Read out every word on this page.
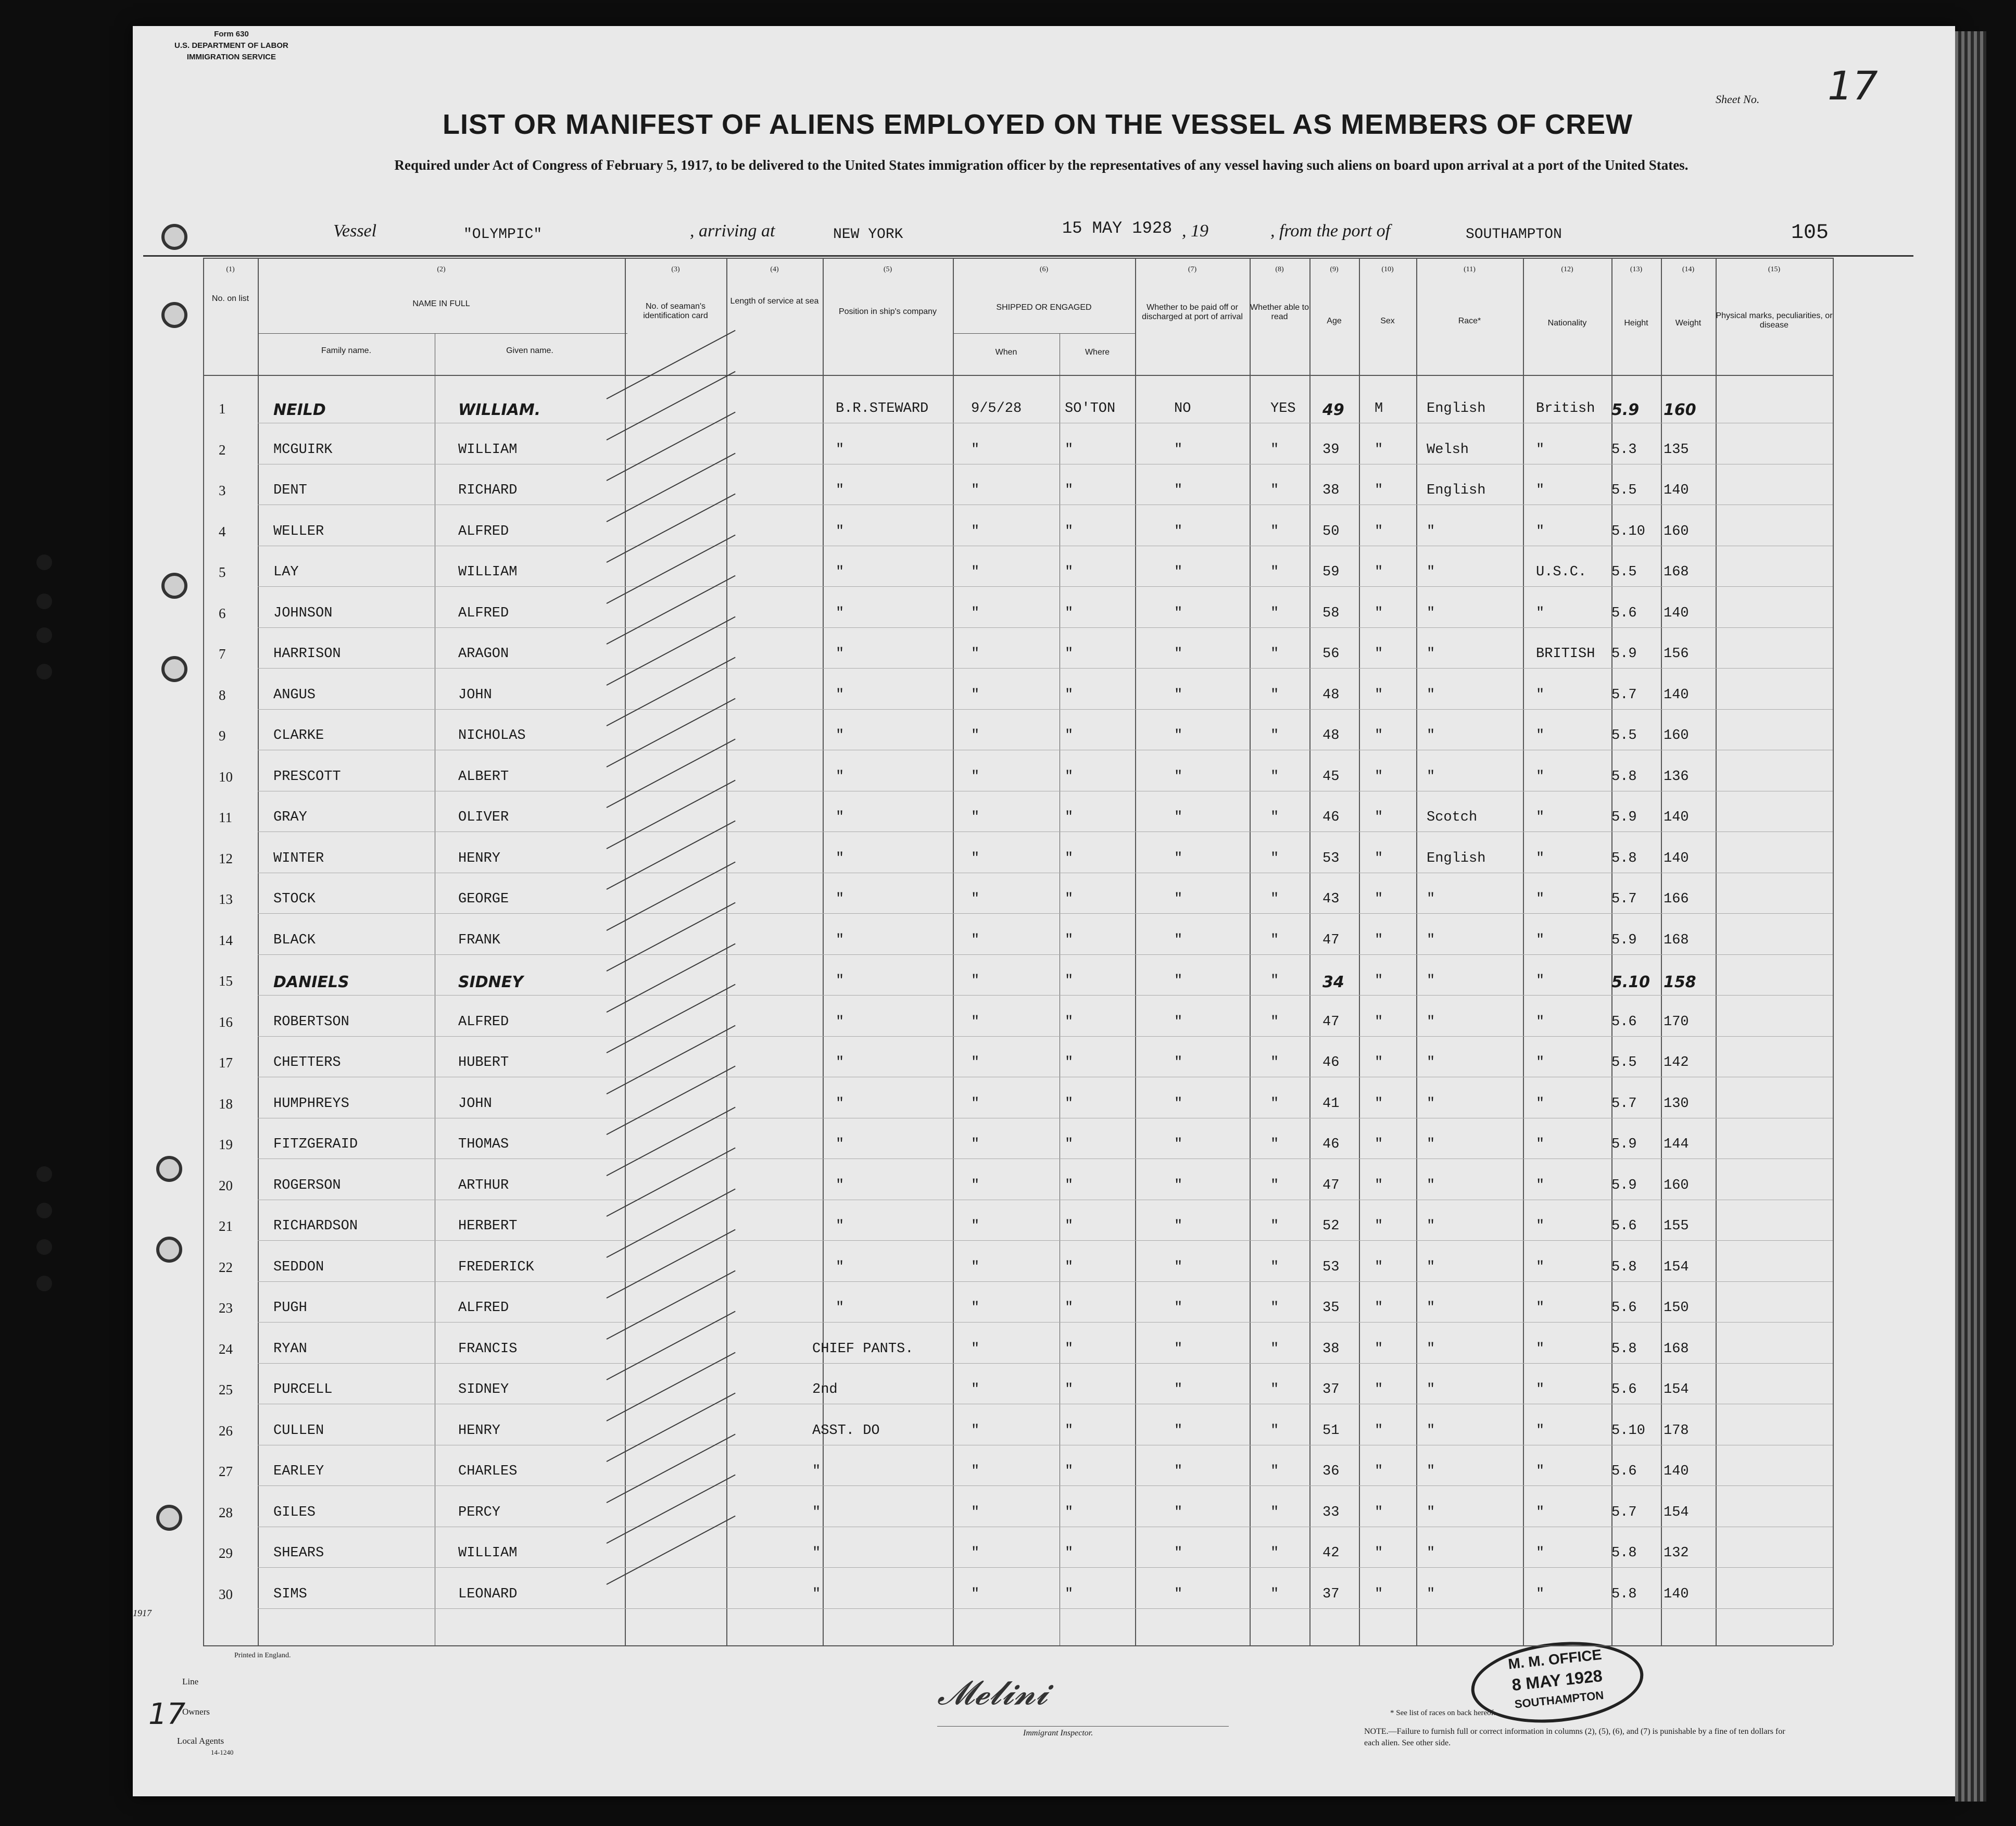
Form 630
U.S. DEPARTMENT OF LABOR
IMMIGRATION SERVICE
Sheet No. 17
LIST OR MANIFEST OF ALIENS EMPLOYED ON THE VESSEL AS MEMBERS OF CREW
Required under Act of Congress of February 5, 1917, to be delivered to the United States immigration officer by the representatives of any vessel having such aliens on board upon arrival at a port of the United States.
Vessel	"OLYMPIC"	, arriving at	NEW YORK	15 MAY 1928 , 19	, from the port of	SOUTHAMPTON	105
Printed in England.
Line
Owners
Local Agents
14-1240
17
1917
𝓜𝓮𝓵𝓲𝓷𝓲
Immigrant Inspector.
* See list of races on back hereof.
NOTE.—Failure to furnish full or correct information in columns (2), (5), (6), and (7) is punishable by a fine of ten dollars for each alien. See other side.
M. M. OFFICE
8 MAY 1928
SOUTHAMPTON
(1)	(2)	(3)	(4)	(5)	(6)	(7)	(8)	(9)	(10)	(11)	(12)	(13)	(14)	(15)
No. on list
NAME IN FULL
Family name.	Given name.
No. of seaman's identification card
Length of service at sea
Position in ship's company	SHIPPED OR ENGAGED
When	Where
Whether to be paid off or discharged at port of arrival
Whether able to read	Age	Sex	Race*	Nationality	Height	Weight
Physical marks, peculiarities, or disease
1	NEILD	WILLIAM.	B.R.STEWARD	9/5/28	SO'TON	NO	YES 49 M	English	British 5.9 160
2	MCGUIRK	WILLIAM	"	"	"	"	"	39	"	Welsh	"	5.3 135
3	DENT	RICHARD	"	"	"	"	"	38	"	English	"	5.5 140
4	WELLER	ALFRED	"	"	"	"	"	50	"	"	"	5.10 160
5	LAY	WILLIAM	"	"	"	"	"	59	"	"	U.S.C. 5.5 168
6	JOHNSON	ALFRED	"	"	"	"	"	58	"	"	"	5.6 140
7	HARRISON	ARAGON	"	"	"	"	"	56	"	"	BRITISH 5.9 156
8	ANGUS	JOHN	"	"	"	"	"	48	"	"	"	5.7 140
9	CLARKE	NICHOLAS	"	"	"	"	"	48	"	"	"	5.5 160
10	PRESCOTT	ALBERT	"	"	"	"	"	45	"	"	"	5.8 136
11	GRAY	OLIVER	"	"	"	"	"	46	"	Scotch	"	5.9 140
12	WINTER	HENRY	"	"	"	"	"	53	"	English	"	5.8 140
13	STOCK	GEORGE	"	"	"	"	"	43	"	"	"	5.7 166
14	BLACK	FRANK	"	"	"	"	"	47	"	"	"	5.9 168
15	DANIELS	SIDNEY	"	"	"	"	"	34 "	"	"	5.10 158
16	ROBERTSON	ALFRED	"	"	"	"	"	47	"	"	"	5.6 170
17	CHETTERS	HUBERT	"	"	"	"	"	46	"	"	"	5.5 142
18	HUMPHREYS	JOHN	"	"	"	"	"	41	"	"	"	5.7 130
19	FITZGERAID	THOMAS	"	"	"	"	"	46	"	"	"	5.9 144
20	ROGERSON	ARTHUR	"	"	"	"	"	47	"	"	"	5.9 160
21	RICHARDSON	HERBERT	"	"	"	"	"	52	"	"	"	5.6 155
22	SEDDON	FREDERICK	"	"	"	"	"	53	"	"	"	5.8 154
23	PUGH	ALFRED	"	"	"	"	"	35	"	"	"	5.6 150
24	RYAN	FRANCIS	CHIEF PANTS.	"	"	"	"	38	"	"	"	5.8 168
25	PURCELL	SIDNEY	2nd	"	"	"	"	37	"	"	"	5.6 154
26	CULLEN	HENRY	ASST. DO	"	"	"	"	51	"	"	"	5.10 178
27	EARLEY	CHARLES	"	"	"	"	"	36	"	"	"	5.6 140
28	GILES	PERCY	"	"	"	"	"	33	"	"	"	5.7 154
29	SHEARS	WILLIAM	"	"	"	"	"	42	"	"	"	5.8 132
30	SIMS	LEONARD	"	"	"	"	"	37	"	"	"	5.8 140
